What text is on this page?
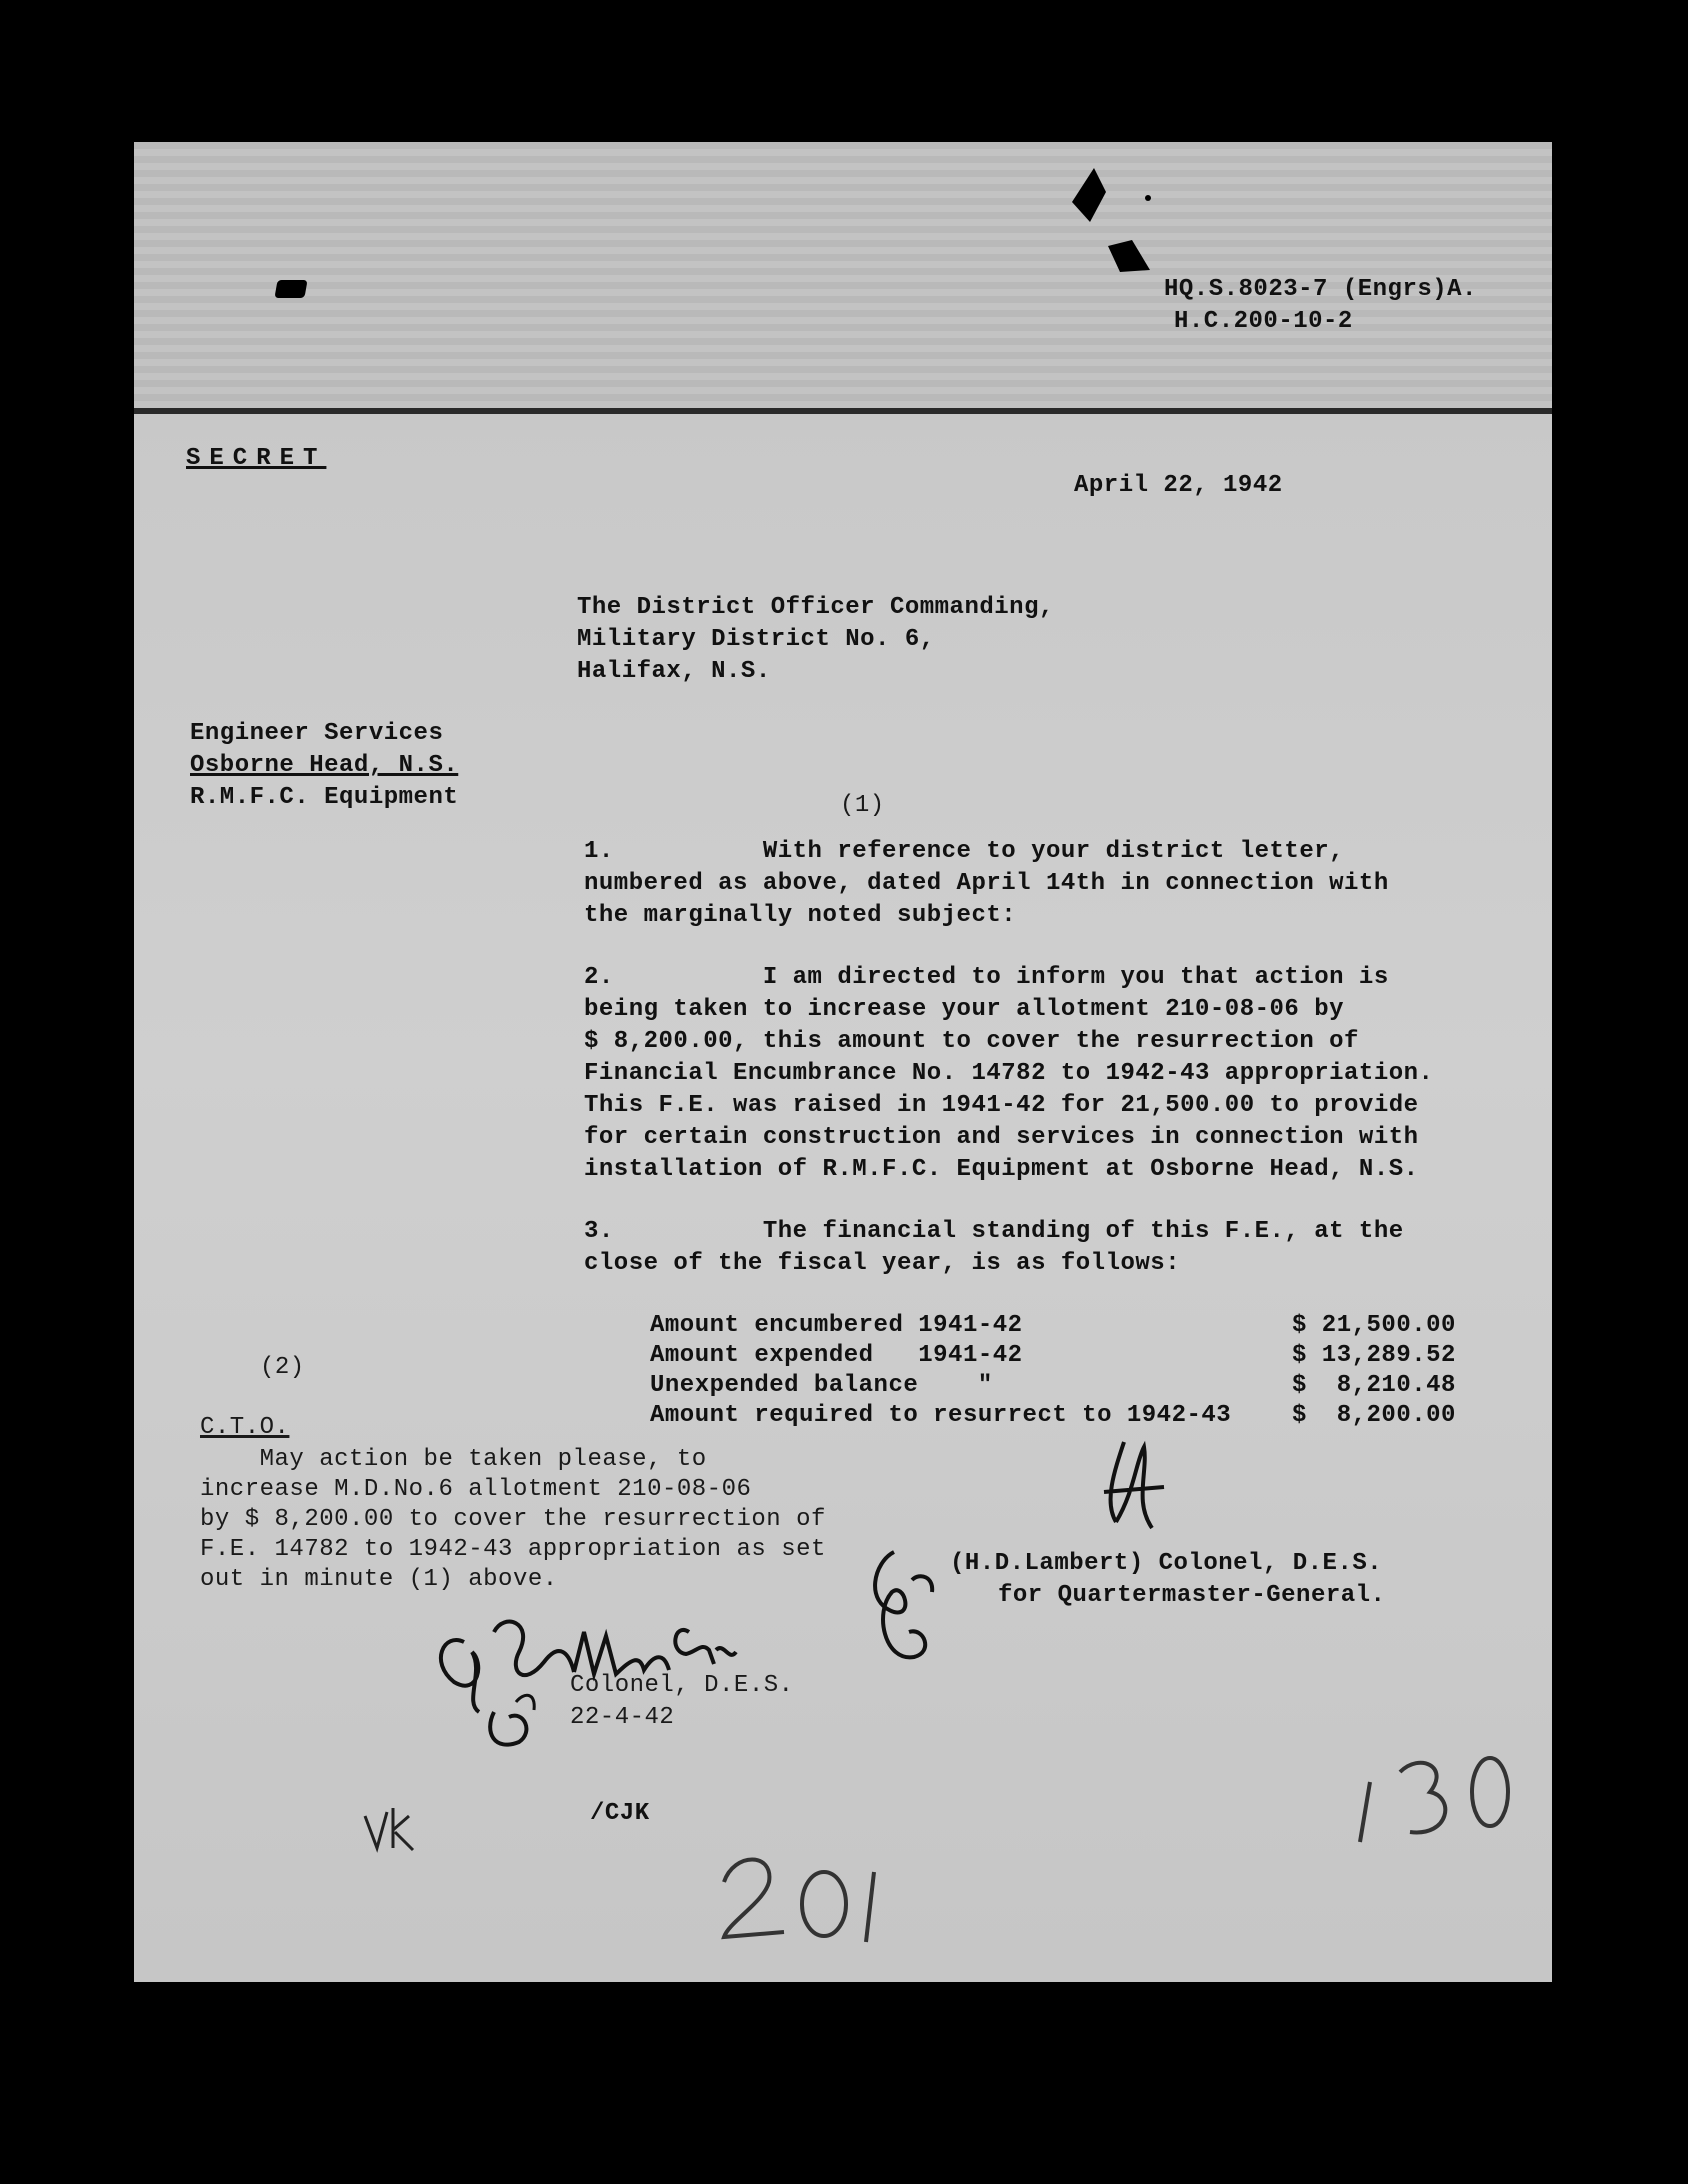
HQ.S.8023-7 (Engrs)A.
H.C.200-10-2
SECRET
April 22, 1942
The District Officer Commanding,
Military District No. 6,
Halifax, N.S.
Engineer Services
Osborne Head, N.S.
R.M.F.C. Equipment	(1)
1.          With reference to your district letter,
numbered as above, dated April 14th in connection with
the marginally noted subject:
2.          I am directed to inform you that action is
being taken to increase your allotment 210-08-06 by
$ 8,200.00, this amount to cover the resurrection of
Financial Encumbrance No. 14782 to 1942-43 appropriation.
This F.E. was raised in 1941-42 for 21,500.00 to provide
for certain construction and services in connection with
installation of R.M.F.C. Equipment at Osborne Head, N.S.
3.          The financial standing of this F.E., at the
close of the fiscal year, is as follows:
Amount encumbered 1941-42	$ 21,500.00
Amount expended   1941-42	$ 13,289.52
Unexpended balance    "	$  8,210.48
Amount required to resurrect to 1942-43	$  8,200.00
(2)
C.T.O.
May action be taken please, to
increase M.D.No.6 allotment 210-08-06
by $ 8,200.00 to cover the resurrection of
F.E. 14782 to 1942-43 appropriation as set
out in minute (1) above.
Colonel, D.E.S.
22-4-42
(H.D.Lambert) Colonel, D.E.S.
for Quartermaster-General.
/CJK
